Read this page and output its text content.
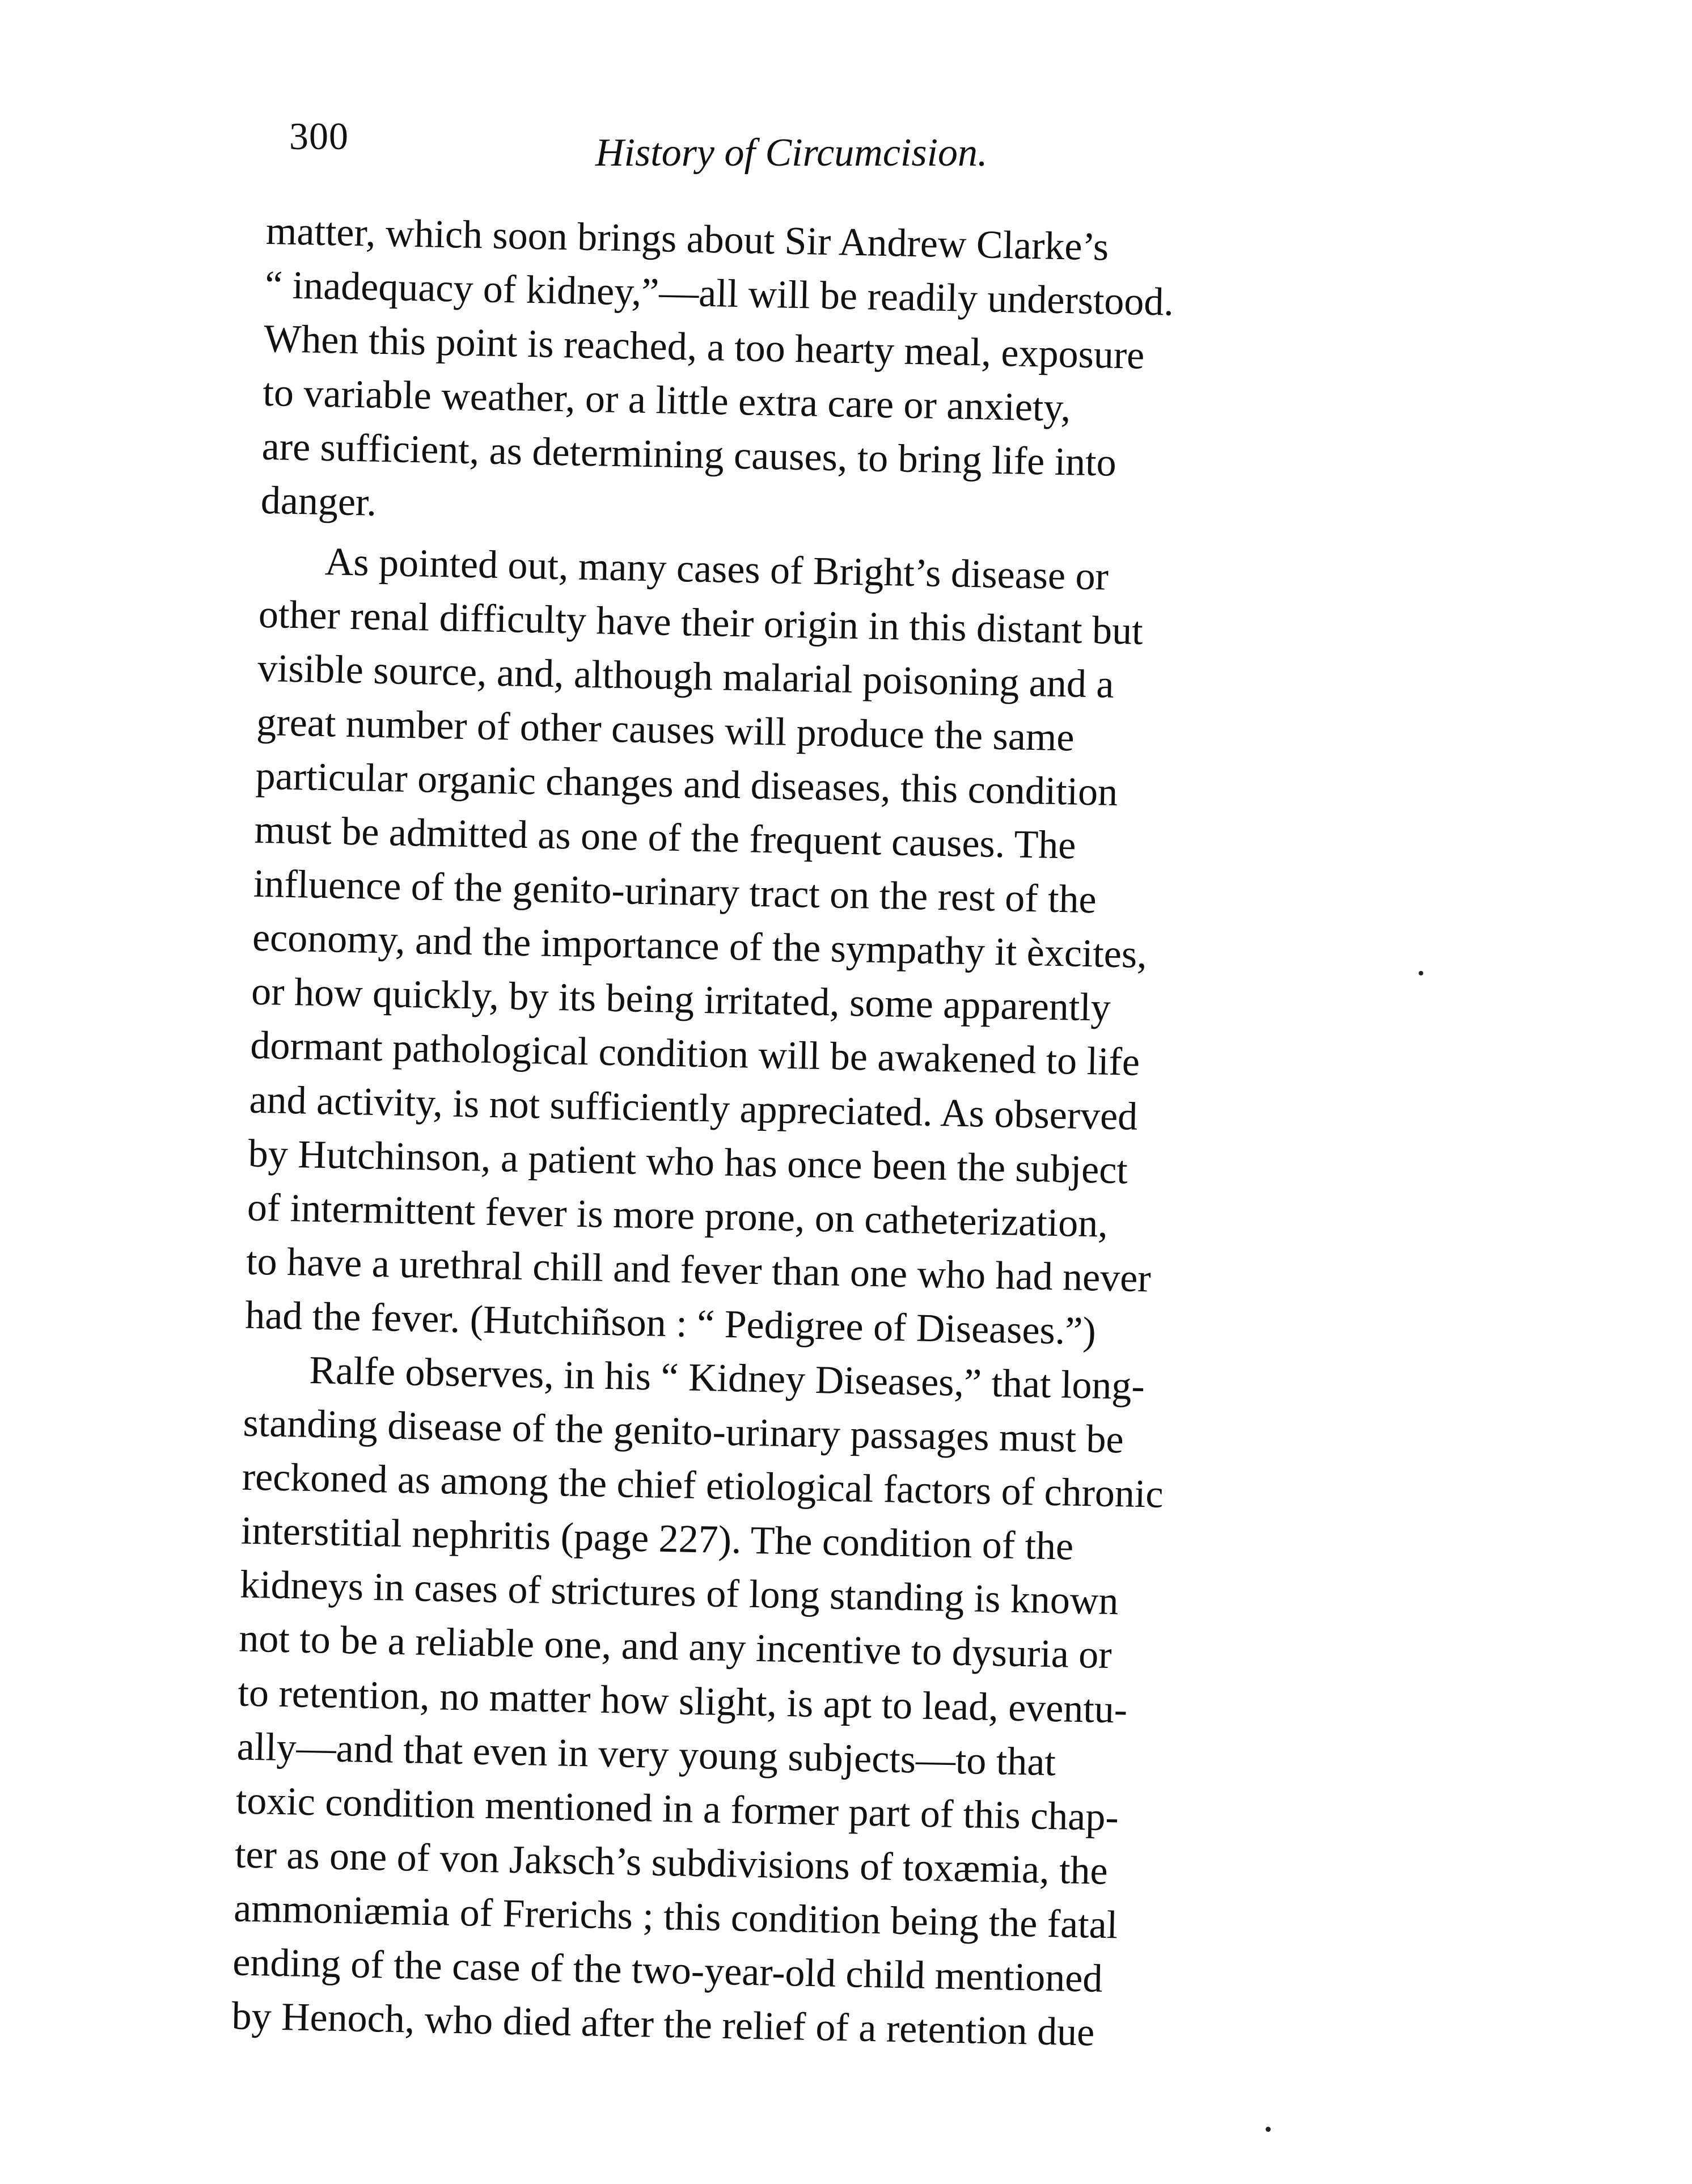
300	History of Circumcision.
matter, which soon brings about Sir Andrew Clarke’s
“ inadequacy of kidney,”—all will be readily understood.
When this point is reached, a too hearty meal, exposure
to variable weather, or a little extra care or anxiety,
are sufficient, as determining causes, to bring life into
danger.
As pointed out, many cases of Bright’s disease or
other renal difficulty have their origin in this distant but
visible source, and, although malarial poisoning and a
great number of other causes will produce the same
particular organic changes and diseases, this condition
must be admitted as one of the frequent causes. The
influence of the genito-urinary tract on the rest of the
economy, and the importance of the sympathy it èxcites,
or how quickly, by its being irritated, some apparently
dormant pathological condition will be awakened to life
and activity, is not sufficiently appreciated. As observed
by Hutchinson, a patient who has once been the subject
of intermittent fever is more prone, on catheterization,
to have a urethral chill and fever than one who had never
had the fever. (Hutchiñson : “ Pedigree of Diseases.”)
Ralfe observes, in his “ Kidney Diseases,” that long-
standing disease of the genito-urinary passages must be
reckoned as among the chief etiological factors of chronic
interstitial nephritis (page 227). The condition of the
kidneys in cases of strictures of long standing is known
not to be a reliable one, and any incentive to dysuria or
to retention, no matter how slight, is apt to lead, eventu-
ally—and that even in very young subjects—to that
toxic condition mentioned in a former part of this chap-
ter as one of von Jaksch’s subdivisions of toxæmia, the
ammoniæmia of Frerichs ; this condition being the fatal
ending of the case of the two-year-old child mentioned
by Henoch, who died after the relief of a retention due
